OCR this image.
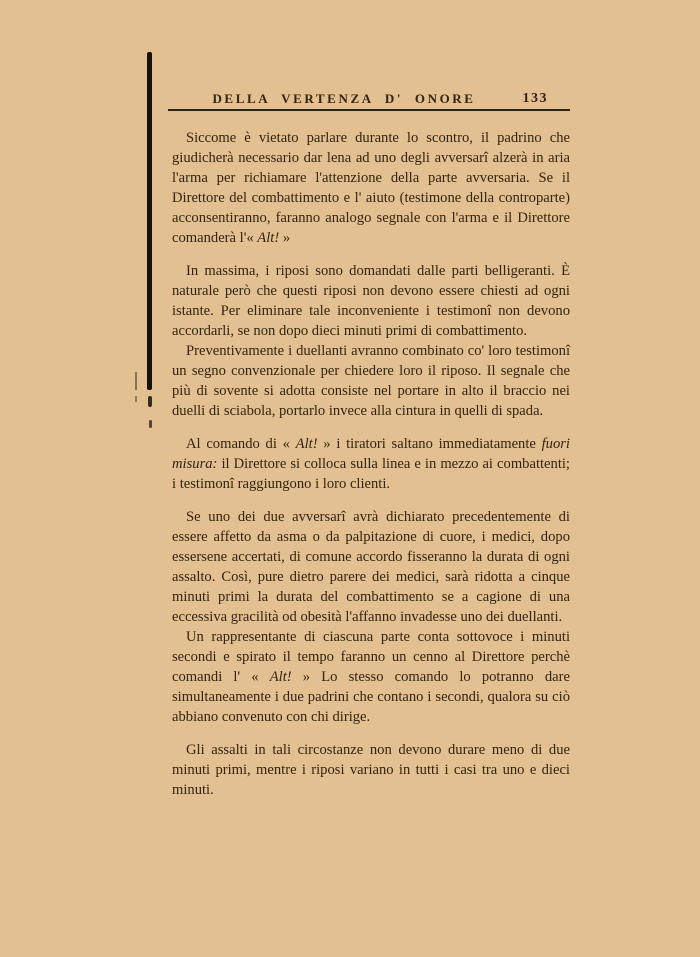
DELLA VERTENZA D' ONORE	133

Siccome è vietato parlare durante lo scontro, il padrino che giudicherà necessario dar lena ad uno degli avversarî alzerà in aria l'arma per richiamare l'attenzione della parte avversaria. Se il Direttore del combattimento e l' aiuto (testimone della controparte) acconsentiranno, faranno analogo segnale con l'arma e il Direttore comanderà l'« Alt! »

In massima, i riposi sono domandati dalle parti belligeranti. È naturale però che questi riposi non devono essere chiesti ad ogni istante. Per eliminare tale inconveniente i testimonî non devono accordarli, se non dopo dieci minuti primi di combattimento.

Preventivamente i duellanti avranno combinato co' loro testimonî un segno convenzionale per chiedere loro il riposo. Il segnale che più di sovente si adotta consiste nel portare in alto il braccio nei duelli di sciabola, portarlo invece alla cintura in quelli di spada.

Al comando di « Alt! » i tiratori saltano immediatamente fuori misura: il Direttore si colloca sulla linea e in mezzo ai combattenti; i testimonî raggiungono i loro clienti.

Se uno dei due avversarî avrà dichiarato precedentemente di essere affetto da asma o da palpitazione di cuore, i medici, dopo essersene accertati, di comune accordo fisseranno la durata di ogni assalto. Così, pure dietro parere dei medici, sarà ridotta a cinque minuti primi la durata del combattimento se a cagione di una eccessiva gracilità od obesità l'affanno invadesse uno dei duellanti.

Un rappresentante di ciascuna parte conta sottovoce i minuti secondi e spirato il tempo faranno un cenno al Direttore perchè comandi l' « Alt! » Lo stesso comando lo potranno dare simultaneamente i due padrini che contano i secondi, qualora su ciò abbiano convenuto con chi dirige.

Gli assalti in tali circostanze non devono durare meno di due minuti primi, mentre i riposi variano in tutti i casi tra uno e dieci minuti.
